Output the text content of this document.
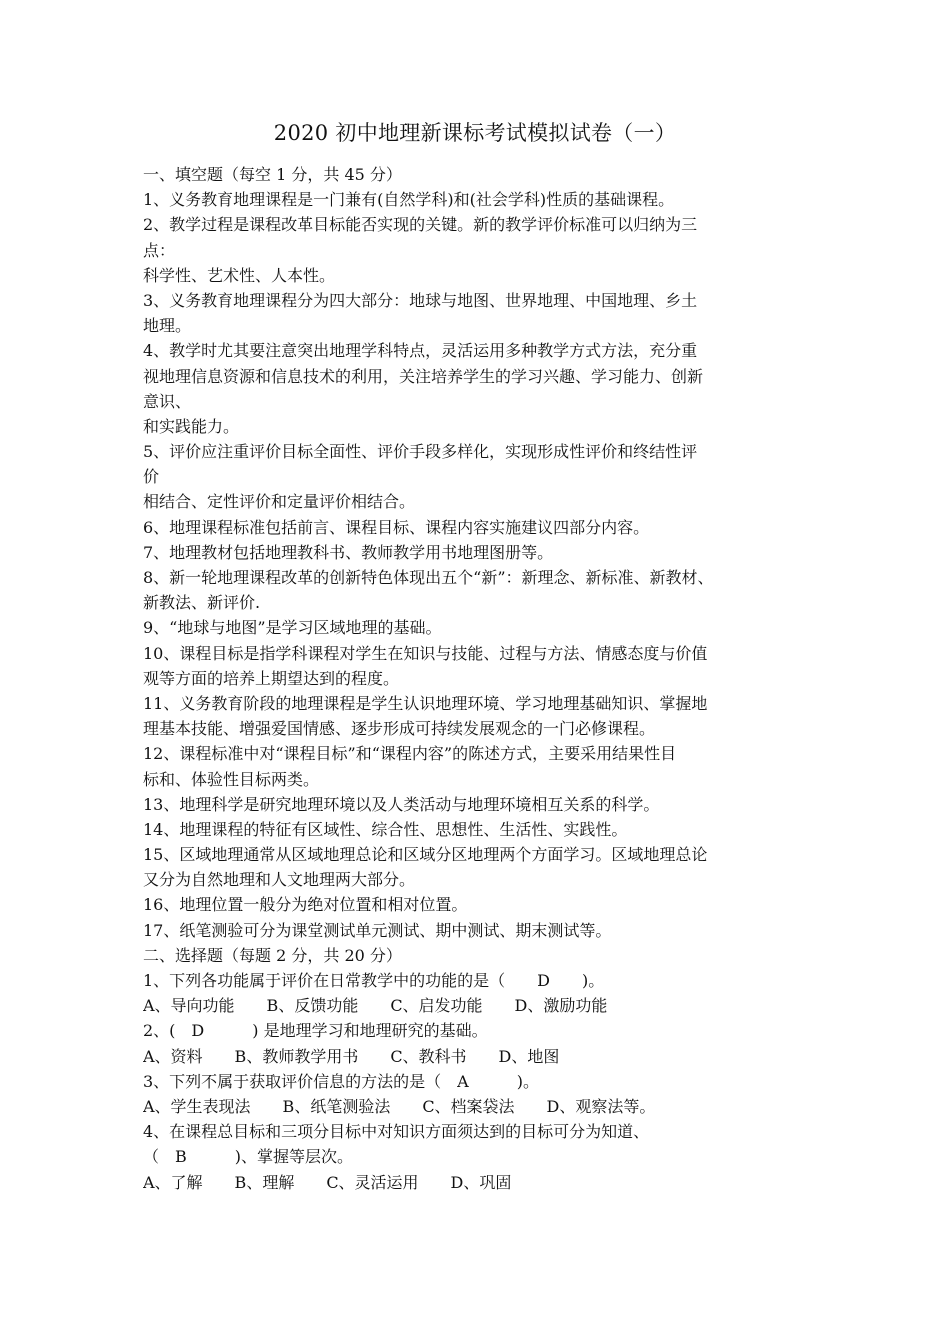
2020 初中地理新课标考试模拟试卷（一）
一、填空题（每空 1 分，共 45 分）
1、义务教育地理课程是一门兼有(自然学科)和(社会学科)性质的基础课程。
2、教学过程是课程改革目标能否实现的关键。新的教学评价标准可以归纳为三
点：
科学性、艺术性、人本性。
3、义务教育地理课程分为四大部分：地球与地图、世界地理、中国地理、乡土
地理。
4、教学时尤其要注意突出地理学科特点，灵活运用多种教学方式方法，充分重
视地理信息资源和信息技术的利用，关注培养学生的学习兴趣、学习能力、创新
意识、
和实践能力。
5、评价应注重评价目标全面性、评价手段多样化，实现形成性评价和终结性评
价
相结合、定性评价和定量评价相结合。
6、地理课程标准包括前言、课程目标、课程内容实施建议四部分内容。
7、地理教材包括地理教科书、教师教学用书地理图册等。
8、新一轮地理课程改革的创新特色体现出五个“新”：新理念、新标准、新教材、
新教法、新评价.
9、“地球与地图”是学习区域地理的基础。
10、课程目标是指学科课程对学生在知识与技能、过程与方法、情感态度与价值
观等方面的培养上期望达到的程度。
11、义务教育阶段的地理课程是学生认识地理环境、学习地理基础知识、掌握地
理基本技能、增强爱国情感、逐步形成可持续发展观念的一门必修课程。
12、课程标准中对“课程目标”和“课程内容”的陈述方式，主要采用结果性目
标和、体验性目标两类。
13、地理科学是研究地理环境以及人类活动与地理环境相互关系的科学。
14、地理课程的特征有区域性、综合性、思想性、生活性、实践性。
15、区域地理通常从区域地理总论和区域分区地理两个方面学习。区域地理总论
又分为自然地理和人文地理两大部分。
16、地理位置一般分为绝对位置和相对位置。
17、纸笔测验可分为课堂测试单元测试、期中测试、期末测试等。
二、选择题（每题 2 分，共 20 分）
1、下列各功能属于评价在日常教学中的功能的是（　　D　　)。
A、导向功能　　B、反馈功能　　C、启发功能　　D、激励功能
2、(　D　　　) 是地理学习和地理研究的基础。
A、资料　　B、教师教学用书　　C、教科书　　D、地图
3、下列不属于获取评价信息的方法的是（　A　　　)。
A、学生表现法　　B、纸笔测验法　　C、档案袋法　　D、观察法等。
4、在课程总目标和三项分目标中对知识方面须达到的目标可分为知道、
（　B　　　)、掌握等层次。
A、了解　　B、理解　　C、灵活运用　　D、巩固
